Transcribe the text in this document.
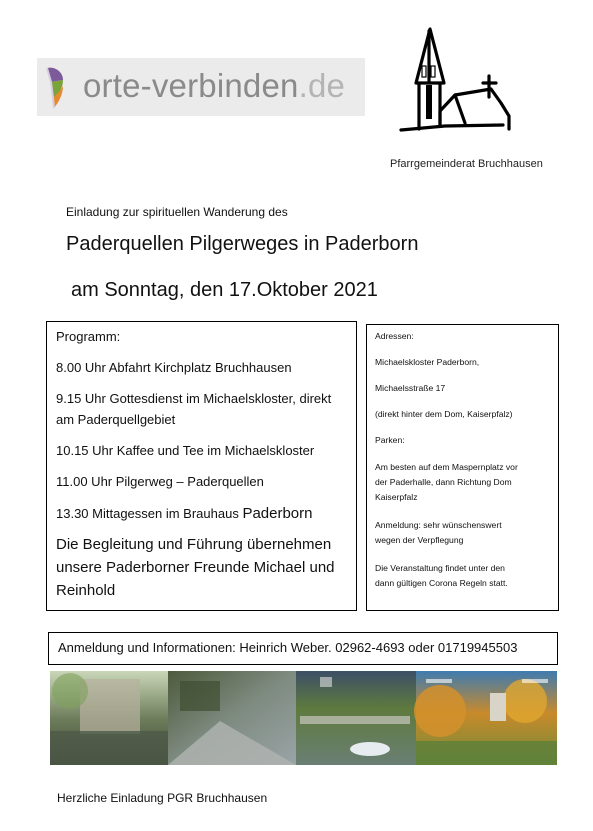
orte-verbinden.de
Pfarrgemeinderat Bruchhausen
Einladung zur spirituellen Wanderung des
Paderquellen Pilgerweges in Paderborn
am Sonntag, den 17.Oktober 2021
Programm:
8.00 Uhr Abfahrt Kirchplatz Bruchhausen
9.15 Uhr Gottesdienst im Michaelskloster, direkt
am Paderquellgebiet
10.15 Uhr Kaffee und Tee im Michaelskloster
11.00 Uhr Pilgerweg – Paderquellen
13.30 Mittagessen im Brauhaus Paderborn
Die Begleitung und Führung übernehmen
unsere Paderborner Freunde Michael und
Reinhold
Adressen:
Michaelskloster Paderborn,
Michaelsstraße 17
(direkt hinter dem Dom, Kaiserpfalz)
Parken:
Am besten auf dem Maspernplatz vor
der Paderhalle, dann Richtung Dom
Kaiserpfalz
Anmeldung: sehr wünschenswert
wegen der Verpflegung
Die Veranstaltung findet unter den
dann gültigen Corona Regeln statt.
Anmeldung und Informationen: Heinrich Weber. 02962-4693 oder 01719945503
Herzliche Einladung PGR Bruchhausen
